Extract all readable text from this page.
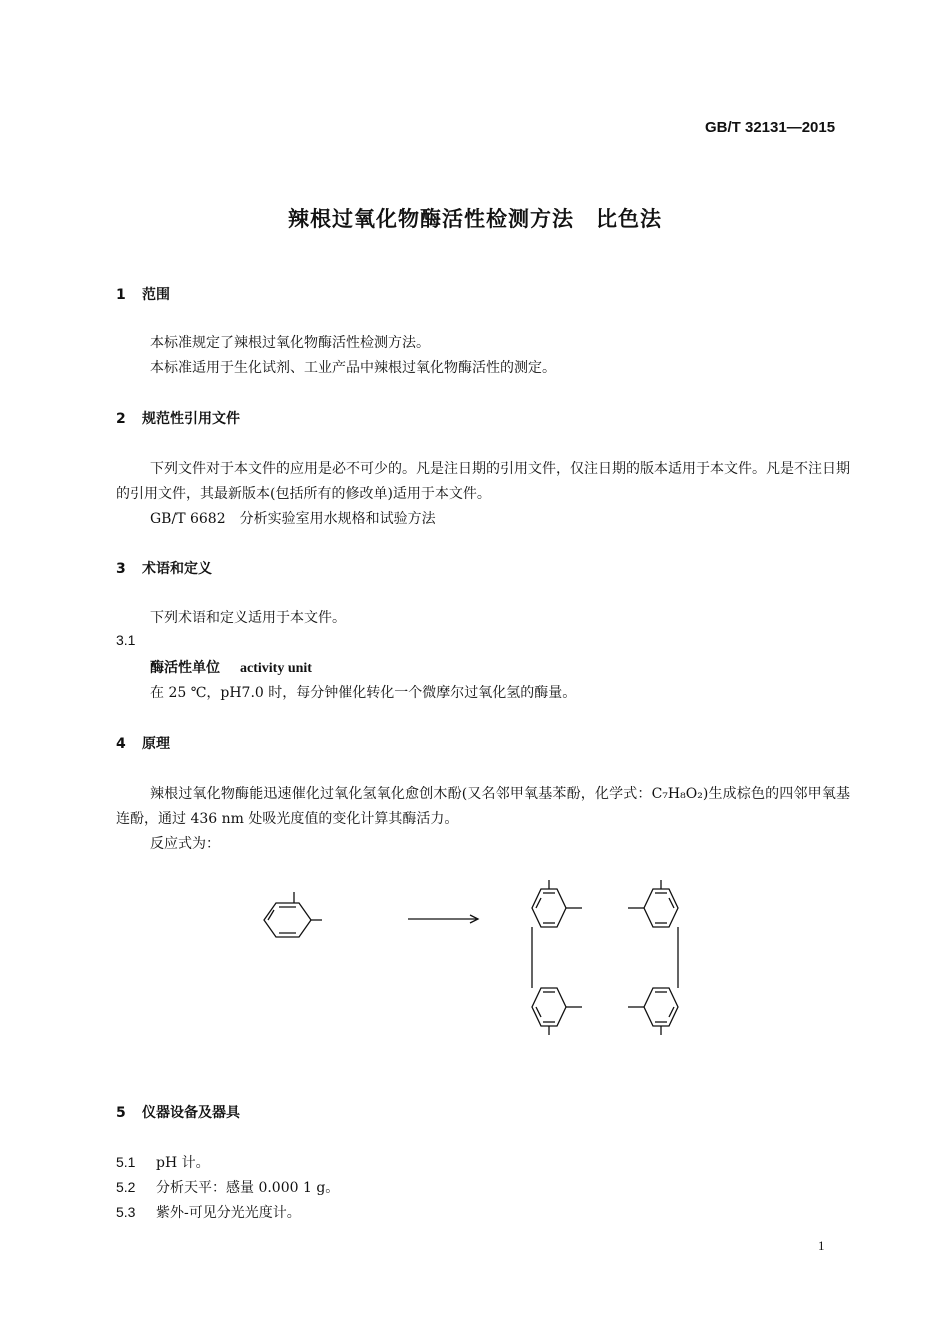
GB/T 32131—2015
辣根过氧化物酶活性检测方法　比色法
1 范围
本标准规定了辣根过氧化物酶活性检测方法。
本标准适用于生化试剂、工业产品中辣根过氧化物酶活性的测定。
2 规范性引用文件
下列文件对于本文件的应用是必不可少的。凡是注日期的引用文件，仅注日期的版本适用于本文件。凡是不注日期的引用文件，其最新版本(包括所有的修改单)适用于本文件。
GB/T 6682　分析实验室用水规格和试验方法
3 术语和定义
下列术语和定义适用于本文件。
3.1
酶活性单位 activity unit
在 25 ℃，pH7.0 时，每分钟催化转化一个微摩尔过氧化氢的酶量。
4 原理
辣根过氧化物酶能迅速催化过氧化氢氧化愈创木酚(又名邻甲氧基苯酚，化学式：C₇H₈O₂)生成棕色的四邻甲氧基连酚，通过 436 nm 处吸光度值的变化计算其酶活力。
反应式为：
5 仪器设备及器具
5.1 pH 计。
5.2 分析天平：感量 0.000 1 g。
5.3 紫外-可见分光光度计。
1
